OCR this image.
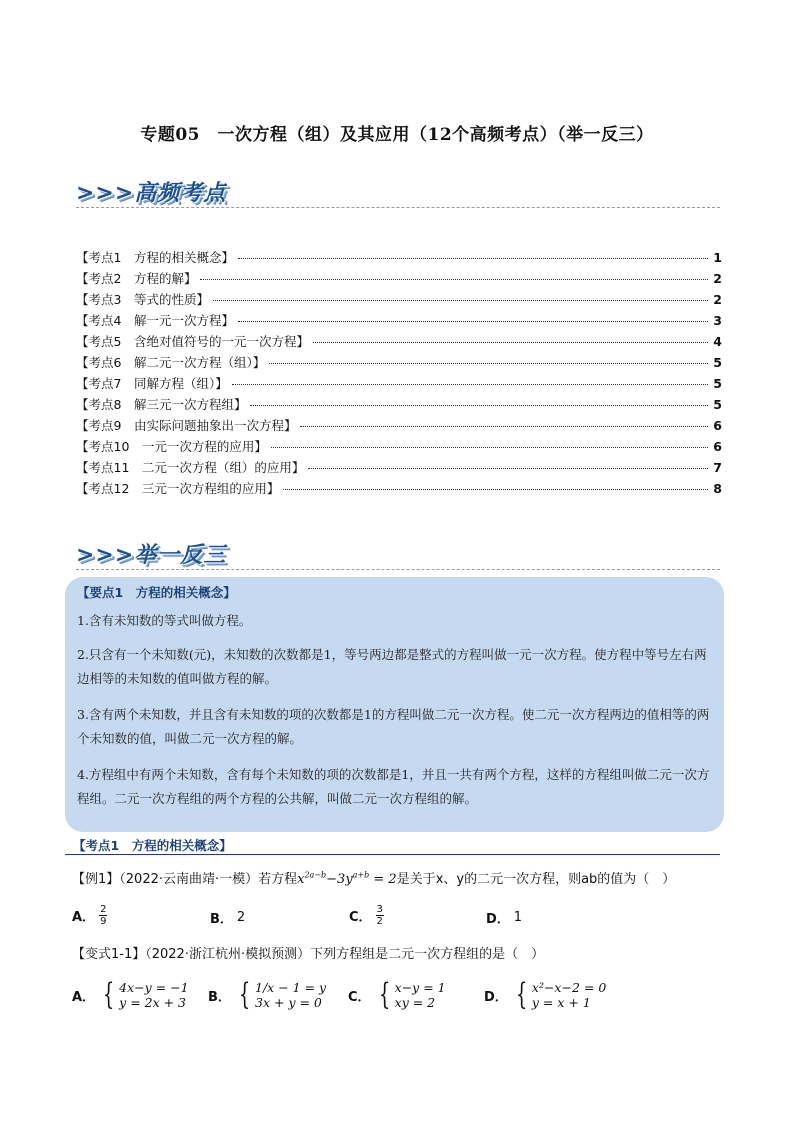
专题05　一次方程（组）及其应用（12个高频考点）（举一反三）
>>>高频考点
【考点1　方程的相关概念】	1
【考点2　方程的解】	2
【考点3　等式的性质】	2
【考点4　解一元一次方程】	3
【考点5　含绝对值符号的一元一次方程】	4
【考点6　解二元一次方程（组）】	5
【考点7　同解方程（组）】	5
【考点8　解三元一次方程组】	5
【考点9　由实际问题抽象出一次方程】	6
【考点10　一元一次方程的应用】	6
【考点11　二元一次方程（组）的应用】	7
【考点12　三元一次方程组的应用】	8
>>>举一反三
【要点1　方程的相关概念】
1.含有未知数的等式叫做方程。
2.只含有一个未知数(元)，未知数的次数都是1，等号两边都是整式的方程叫做一元一次方程。使方程中等号左右两边相等的未知数的值叫做方程的解。
3.含有两个未知数，并且含有未知数的项的次数都是1的方程叫做二元一次方程。使二元一次方程两边的值相等的两个未知数的值，叫做二元一次方程的解。
4.方程组中有两个未知数，含有每个未知数的项的次数都是1，并且一共有两个方程，这样的方程组叫做二元一次方程组。二元一次方程组的两个方程的公共解，叫做二元一次方程组的解。
【考点1　方程的相关概念】
【例1】（2022·云南曲靖·一模）若方程$x^{2a-b}-3y^{a+b} = 2$是关于x、y的二元一次方程，则ab的值为（　）
A． $\frac{2}{9}$	B． 2	C． $\frac{3}{2}$	D． 1
【变式1-1】（2022·浙江杭州·模拟预测）下列方程组是二元一次方程组的是（　）
A． { 4x−y = −1
y = 2x + 3 B． { 1/x − 1 = y
3x + y = 0	C． { x−y = 1
xy = 2	D． { x²−x−2 = 0
y = x + 1
